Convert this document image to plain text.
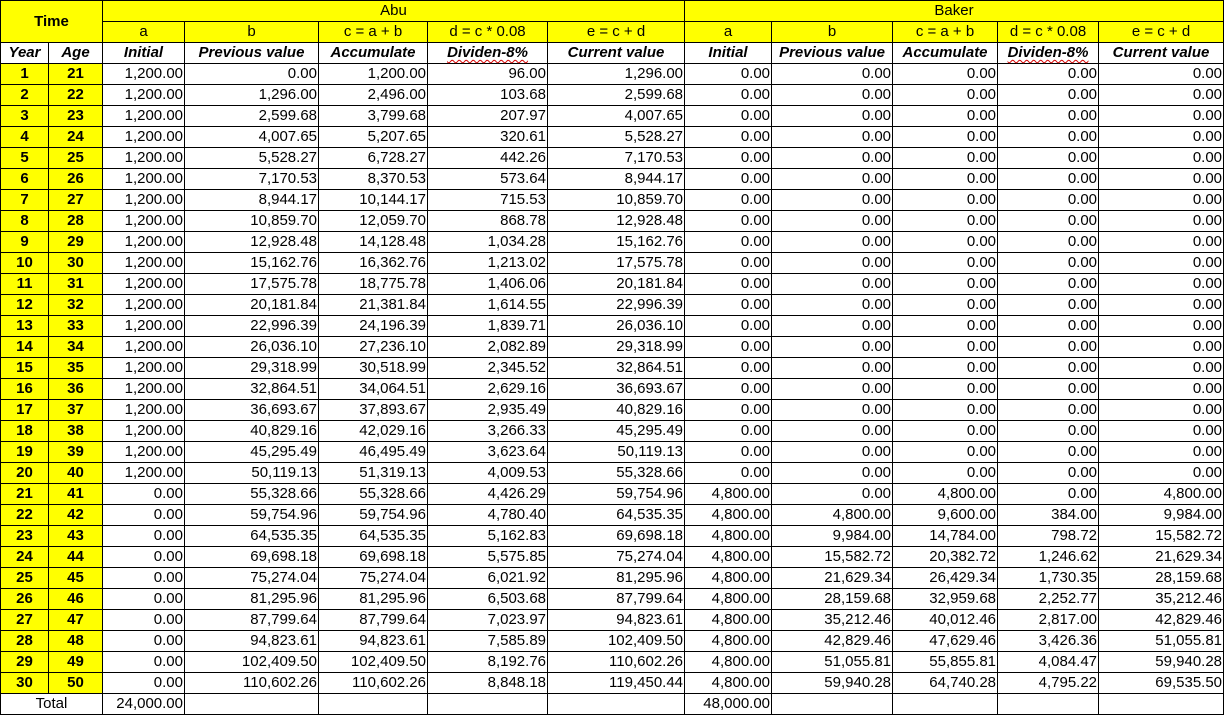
Time		Abu					Baker				
		a	b	c = a + b	d = c * 0.08	e = c + d	a	b	c = a + b	d = c * 0.08	e = c + d
Year	Age	Initial	Previous value	Accumulate	Dividen-8%	Current value	Initial	Previous value	Accumulate	Dividen-8%	Current value
1	21	1,200.00	0.00	1,200.00	96.00	1,296.00	0.00	0.00	0.00	0.00	0.00
2	22	1,200.00	1,296.00	2,496.00	103.68	2,599.68	0.00	0.00	0.00	0.00	0.00
3	23	1,200.00	2,599.68	3,799.68	207.97	4,007.65	0.00	0.00	0.00	0.00	0.00
4	24	1,200.00	4,007.65	5,207.65	320.61	5,528.27	0.00	0.00	0.00	0.00	0.00
5	25	1,200.00	5,528.27	6,728.27	442.26	7,170.53	0.00	0.00	0.00	0.00	0.00
6	26	1,200.00	7,170.53	8,370.53	573.64	8,944.17	0.00	0.00	0.00	0.00	0.00
7	27	1,200.00	8,944.17	10,144.17	715.53	10,859.70	0.00	0.00	0.00	0.00	0.00
8	28	1,200.00	10,859.70	12,059.70	868.78	12,928.48	0.00	0.00	0.00	0.00	0.00
9	29	1,200.00	12,928.48	14,128.48	1,034.28	15,162.76	0.00	0.00	0.00	0.00	0.00
10	30	1,200.00	15,162.76	16,362.76	1,213.02	17,575.78	0.00	0.00	0.00	0.00	0.00
11	31	1,200.00	17,575.78	18,775.78	1,406.06	20,181.84	0.00	0.00	0.00	0.00	0.00
12	32	1,200.00	20,181.84	21,381.84	1,614.55	22,996.39	0.00	0.00	0.00	0.00	0.00
13	33	1,200.00	22,996.39	24,196.39	1,839.71	26,036.10	0.00	0.00	0.00	0.00	0.00
14	34	1,200.00	26,036.10	27,236.10	2,082.89	29,318.99	0.00	0.00	0.00	0.00	0.00
15	35	1,200.00	29,318.99	30,518.99	2,345.52	32,864.51	0.00	0.00	0.00	0.00	0.00
16	36	1,200.00	32,864.51	34,064.51	2,629.16	36,693.67	0.00	0.00	0.00	0.00	0.00
17	37	1,200.00	36,693.67	37,893.67	2,935.49	40,829.16	0.00	0.00	0.00	0.00	0.00
18	38	1,200.00	40,829.16	42,029.16	3,266.33	45,295.49	0.00	0.00	0.00	0.00	0.00
19	39	1,200.00	45,295.49	46,495.49	3,623.64	50,119.13	0.00	0.00	0.00	0.00	0.00
20	40	1,200.00	50,119.13	51,319.13	4,009.53	55,328.66	0.00	0.00	0.00	0.00	0.00
21	41	0.00	55,328.66	55,328.66	4,426.29	59,754.96	4,800.00	0.00	4,800.00	0.00	4,800.00
22	42	0.00	59,754.96	59,754.96	4,780.40	64,535.35	4,800.00	4,800.00	9,600.00	384.00	9,984.00
23	43	0.00	64,535.35	64,535.35	5,162.83	69,698.18	4,800.00	9,984.00	14,784.00	798.72	15,582.72
24	44	0.00	69,698.18	69,698.18	5,575.85	75,274.04	4,800.00	15,582.72	20,382.72	1,246.62	21,629.34
25	45	0.00	75,274.04	75,274.04	6,021.92	81,295.96	4,800.00	21,629.34	26,429.34	1,730.35	28,159.68
26	46	0.00	81,295.96	81,295.96	6,503.68	87,799.64	4,800.00	28,159.68	32,959.68	2,252.77	35,212.46
27	47	0.00	87,799.64	87,799.64	7,023.97	94,823.61	4,800.00	35,212.46	40,012.46	2,817.00	42,829.46
28	48	0.00	94,823.61	94,823.61	7,585.89	102,409.50	4,800.00	42,829.46	47,629.46	3,426.36	51,055.81
29	49	0.00	102,409.50	102,409.50	8,192.76	110,602.26	4,800.00	51,055.81	55,855.81	4,084.47	59,940.28
30	50	0.00	110,602.26	110,602.26	8,848.18	119,450.44	4,800.00	59,940.28	64,740.28	4,795.22	69,535.50
Total		24,000.00					48,000.00				
